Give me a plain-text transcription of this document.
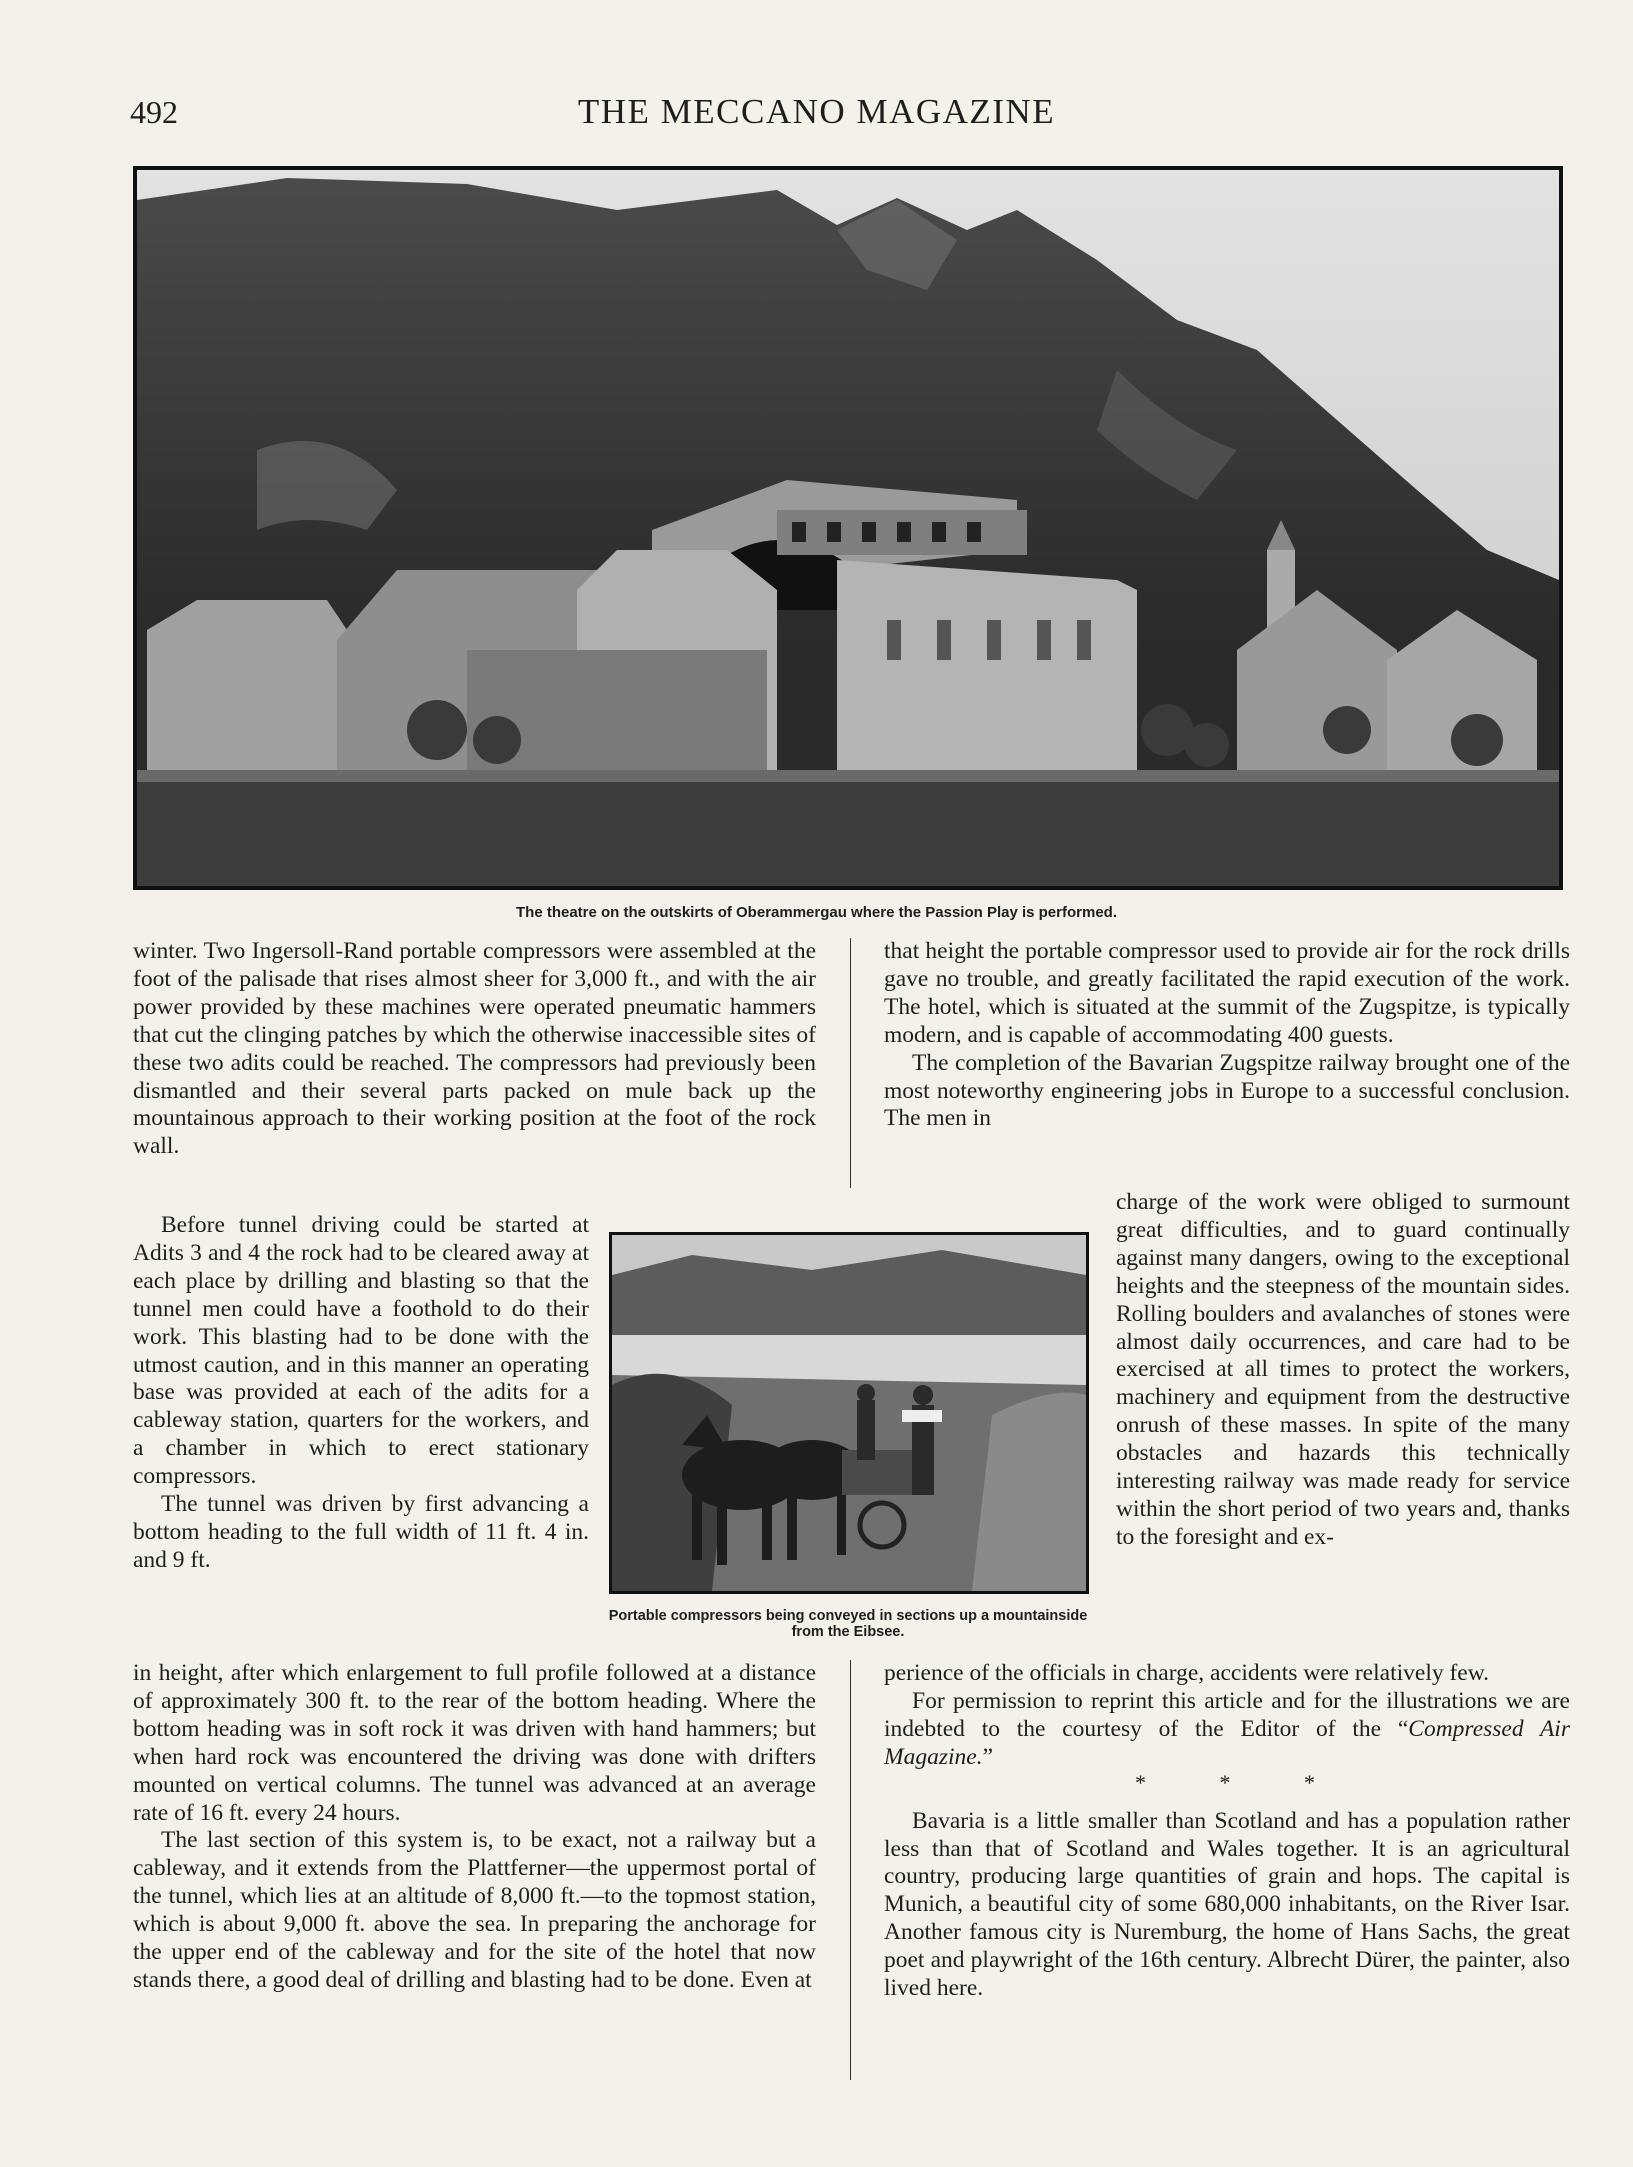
492	THE MECCANO MAGAZINE
The theatre on the outskirts of Oberammergau where the Passion Play is performed.

winter. Two Ingersoll-Rand portable compressors were assembled at the foot of the palisade that rises almost sheer for 3,000 ft., and with the air power provided by these machines were operated pneumatic hammers that cut the clinging patches by which the otherwise inaccessible sites of these two adits could be reached. The compressors had previously been dismantled and their several parts packed on mule back up the mountainous approach to their working position at the foot of the rock wall.

Before tunnel driving could be started at Adits 3 and 4 the rock had to be cleared away at each place by drilling and blasting so that the tunnel men could have a foothold to do their work. This blasting had to be done with the utmost caution, and in this manner an operating base was provided at each of the adits for a cableway station, quarters for the workers, and a chamber in which to erect stationary compressors.

The tunnel was driven by first advancing a bottom heading to the full width of 11 ft. 4 in. and 9 ft.

in height, after which enlargement to full profile followed at a distance of approximately 300 ft. to the rear of the bottom heading. Where the bottom heading was in soft rock it was driven with hand hammers; but when hard rock was encountered the driving was done with drifters mounted on vertical columns. The tunnel was advanced at an average rate of 16 ft. every 24 hours.

The last section of this system is, to be exact, not a railway but a cableway, and it extends from the Plattferner—the uppermost portal of the tunnel, which lies at an altitude of 8,000 ft.—to the topmost station, which is about 9,000 ft. above the sea. In preparing the anchorage for the upper end of the cableway and for the site of the hotel that now stands there, a good deal of drilling and blasting had to be done. Even at

that height the portable compressor used to provide air for the rock drills gave no trouble, and greatly facilitated the rapid execution of the work. The hotel, which is situated at the summit of the Zugspitze, is typically modern, and is capable of accommodating 400 guests.

The completion of the Bavarian Zugspitze railway brought one of the most noteworthy engineering jobs in Europe to a successful conclusion. The men in

charge of the work were obliged to surmount great difficulties, and to guard continually against many dangers, owing to the exceptional heights and the steepness of the mountain sides. Rolling boulders and avalanches of stones were almost daily occurrences, and care had to be exercised at all times to protect the workers, machinery and equipment from the destructive onrush of these masses. In spite of the many obstacles and hazards this technically interesting railway was made ready for service within the short period of two years and, thanks to the foresight and ex-

perience of the officials in charge, accidents were relatively few.

For permission to reprint this article and for the illustrations we are indebted to the courtesy of the Editor of the “Compressed Air Magazine.”

* * *

Bavaria is a little smaller than Scotland and has a population rather less than that of Scotland and Wales together. It is an agricultural country, producing large quantities of grain and hops. The capital is Munich, a beautiful city of some 680,000 inhabitants, on the River Isar. Another famous city is Nuremburg, the home of Hans Sachs, the great poet and playwright of the 16th century. Albrecht Dürer, the painter, also lived here.

Portable compressors being conveyed in sections up a mountainside from the Eibsee.
